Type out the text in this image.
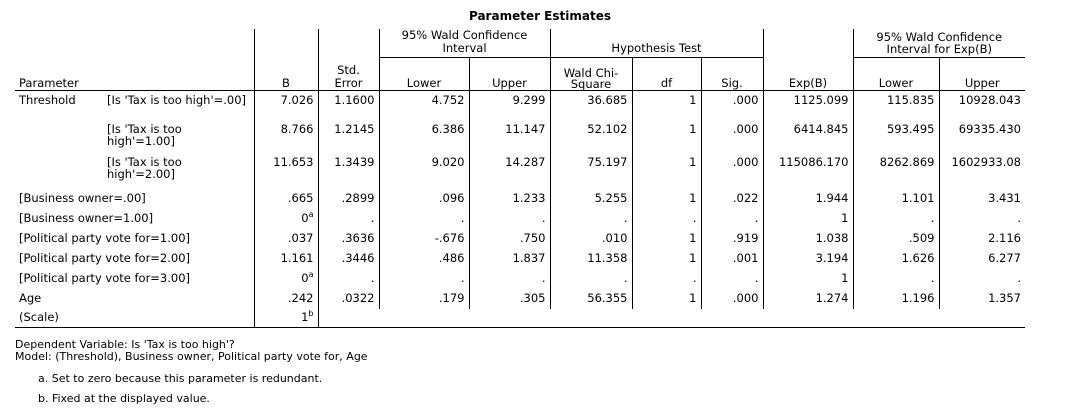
Parameter Estimates
Parameter		B	Std. Error	95% Wald Confidence Interval		Hypothesis Test			Exp(B)	95% Wald Confidence Interval for Exp(B)	
				Lower	Upper	Wald Chi-Square	df	Sig.		Lower	Upper
Threshold	[Is 'Tax is too high'=.00]	7.026	1.1600	4.752	9.299	36.685	1	.000	1125.099	115.835	10928.043
	[Is 'Tax is too high'=1.00]	8.766	1.2145	6.386	11.147	52.102	1	.000	6414.845	593.495	69335.430
	[Is 'Tax is too high'=2.00]	11.653	1.3439	9.020	14.287	75.197	1	.000	115086.170	8262.869	1602933.08
[Business owner=.00]		.665	.2899	.096	1.233	5.255	1	.022	1.944	1.101	3.431
[Business owner=1.00]		0$^a$	.	.	.	.	.	.	1	.	.
[Political party vote for=1.00]		.037	.3636	-.676	.750	.010	1	.919	1.038	.509	2.116
[Political party vote for=2.00]		1.161	.3446	.486	1.837	11.358	1	.001	3.194	1.626	6.277
[Political party vote for=3.00]		0$^a$	.	.	.	.	.	.	1	.	.
Age		.242	.0322	.179	.305	56.355	1	.000	1.274	1.196	1.357
(Scale)		1$^b$									
Dependent Variable: Is 'Tax is too high'?
Model: (Threshold), Business owner, Political party vote for, Age
a. Set to zero because this parameter is redundant.
b. Fixed at the displayed value.
